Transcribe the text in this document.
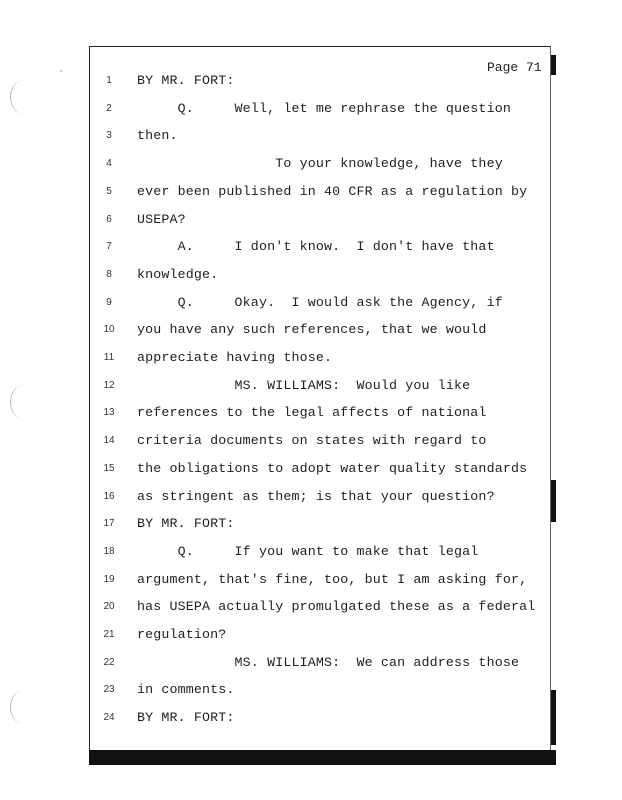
Page 71

1

	BY MR. FORT:

2

	Q.     Well, let me rephrase the question

3

	then.

4

	To your knowledge, have they

5

	ever been published in 40 CFR as a regulation by

6

	USEPA?

7

	A.     I don't know.  I don't have that

8

	knowledge.

9

	Q.     Okay.  I would ask the Agency, if

10

you have any such references, that we would

11

appreciate having those.

12

MS. WILLIAMS:  Would you like

13

references to the legal affects of national

14

criteria documents on states with regard to

15

the obligations to adopt water quality standards

16

as stringent as them; is that your question?

17

BY MR. FORT:

18

Q.     If you want to make that legal

19

argument, that's fine, too, but I am asking for,

20

has USEPA actually promulgated these as a federal

21

regulation?

22

MS. WILLIAMS:  We can address those

23

in comments.

24

BY MR. FORT:
